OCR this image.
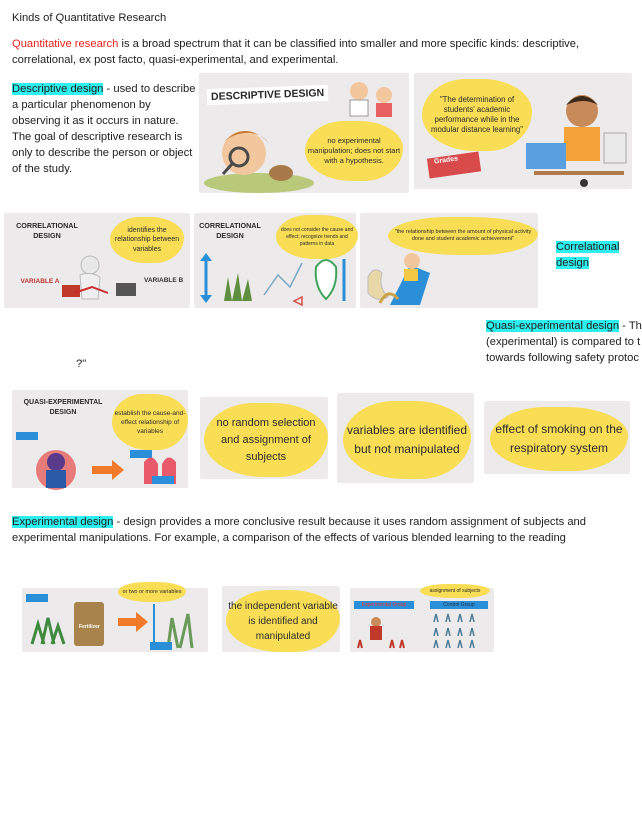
Kinds of Quantitative Research
Quantitative research is a broad spectrum that it can be classified into smaller and more specific kinds: descriptive, correlational, ex post facto, quasi-experimental, and experimental.
Descriptive design - used to describe a particular phenomenon by observing it as it occurs in nature. The goal of descriptive research is only to describe the person or object of the study.
DESCRIPTIVE DESIGN
no experimental manipulation; does not start with a hypothesis.
"The determination of students' academic performance while in the modular distance learning"
Grades
CORRELATIONAL DESIGN
identifies the relationship between variables
VARIABLE A	VARIABLE B
CORRELATIONAL DESIGN
does not consider the cause and effect; recognize trends and patterns in data
"the relationship between the amount of physical activity done and student academic achievement"
Correlational design
Quasi-experimental design - Th
(experimental) is compared to t
towards following safety protoc
?"
QUASI-EXPERIMENTAL DESIGN	establish the cause-and-effect relationship of variables
no random selection and assignment of subjects
variables are identified but not manipulated
effect of smoking on the respiratory system
Experimental design - design provides a more conclusive result because it uses random assignment of subjects and experimental manipulations. For example, a comparison of the effects of various blended learning to the reading
or two or more variables
Fertilizer
the independent variable is identified and manipulated
assignment of subjects
Experimental Group	Control Group
